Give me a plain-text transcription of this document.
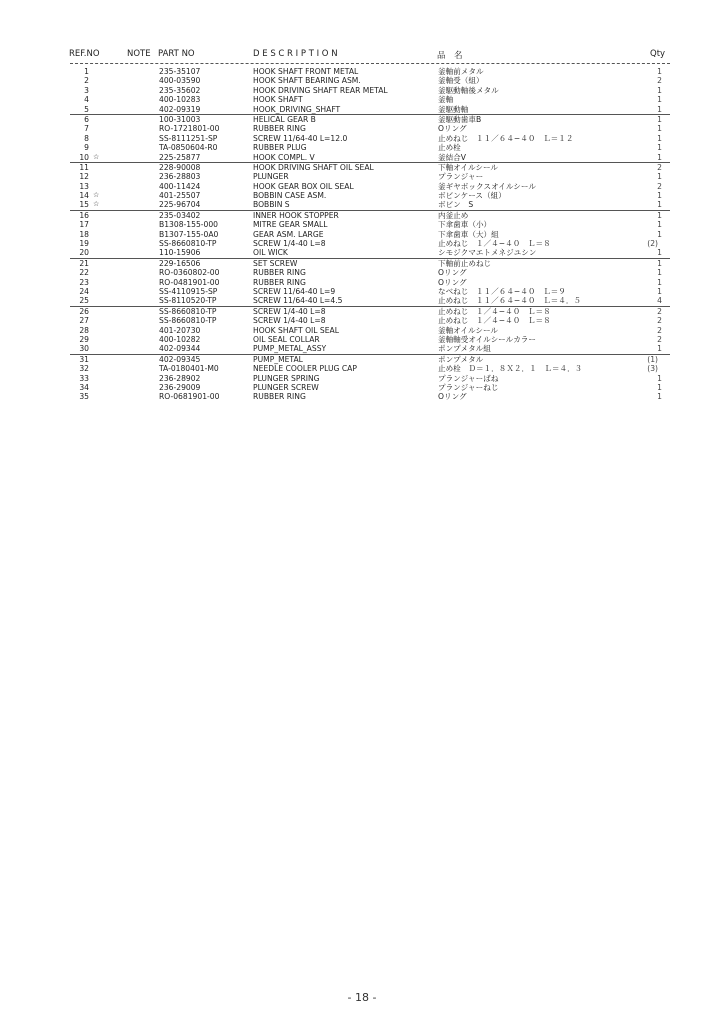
REF.NO	NOTE PART NO	D E S C R I P T I O N	品　名	Qty
1	235-35107	HOOK SHAFT FRONT METAL	釜軸前メタル	1
2	400-03590	HOOK SHAFT BEARING ASM.	釜軸受（組）	2
3	235-35602	HOOK DRIVING SHAFT REAR METAL	釜駆動軸後メタル	1
4	400-10283	HOOK SHAFT	釜軸	1
5	402-09319	HOOK_DRIVING_SHAFT	釜駆動軸	1
6	100-31003	HELICAL GEAR B	釜駆動歯車B	1
7	RO-1721801-00	RUBBER RING	Oリング	1
8	SS-8111251-SP	SCREW 11/64-40 L=12.0	止めねじ　１１／６４−４０　Ｌ＝１２	1
9	TA-0850604-R0	RUBBER PLUG	止め栓	1
10 ☆	225-25877	HOOK COMPL. V	釜結合V	1
11	228-90008	HOOK DRIVING SHAFT OIL SEAL	下軸オイルシール	2
12	236-28803	PLUNGER	プランジャー	1
13	400-11424	HOOK GEAR BOX OIL SEAL	釜ギヤボックスオイルシール	2
14 ☆	401-25507	BOBBIN CASE ASM.	ボビンケース（組）	1
15 ☆	225-96704	BOBBIN S	ボビン　S	1
16	235-03402	INNER HOOK STOPPER	内釜止め	1
17	B1308-155-000	MITRE GEAR SMALL	下傘歯車（小）	1
18	B1307-155-0A0	GEAR ASM. LARGE	下傘歯車（大）組	1
19	SS-8660810-TP	SCREW 1/4-40 L=8	止めねじ　１／４−４０　Ｌ＝８	(2)
20	110-15906	OIL WICK	シモジクマエトメネジユシン	1
21	229-16506	SET SCREW	下軸前止めねじ	1
22	RO-0360802-00	RUBBER RING	Oリング	1
23	RO-0481901-00	RUBBER RING	Oリング	1
24	SS-4110915-SP	SCREW 11/64-40 L=9	なべねじ　１１／６４−４０　Ｌ＝９	1
25	SS-8110520-TP	SCREW 11/64-40 L=4.5	止めねじ　１１／６４−４０　Ｌ＝４．５	4
26	SS-8660810-TP	SCREW 1/4-40 L=8	止めねじ　１／４−４０　Ｌ＝８	2
27	SS-8660810-TP	SCREW 1/4-40 L=8	止めねじ　１／４−４０　Ｌ＝８	2
28	401-20730	HOOK SHAFT OIL SEAL	釜軸オイルシール	2
29	400-10282	OIL SEAL COLLAR	釜軸軸受オイルシールカラー	2
30	402-09344	PUMP_METAL_ASSY	ポンプメタル組	1
31	402-09345	PUMP_METAL	ポンプメタル	(1)
32	TA-0180401-M0	NEEDLE COOLER PLUG CAP	止め栓　Ｄ＝１．８Ｘ２．１　Ｌ＝４．３	(3)
33	236-28902	PLUNGER SPRING	プランジャーばね	1
34	236-29009	PLUNGER SCREW	プランジャーねじ	1
35	RO-0681901-00	RUBBER RING	Oリング	1
- 18 -
